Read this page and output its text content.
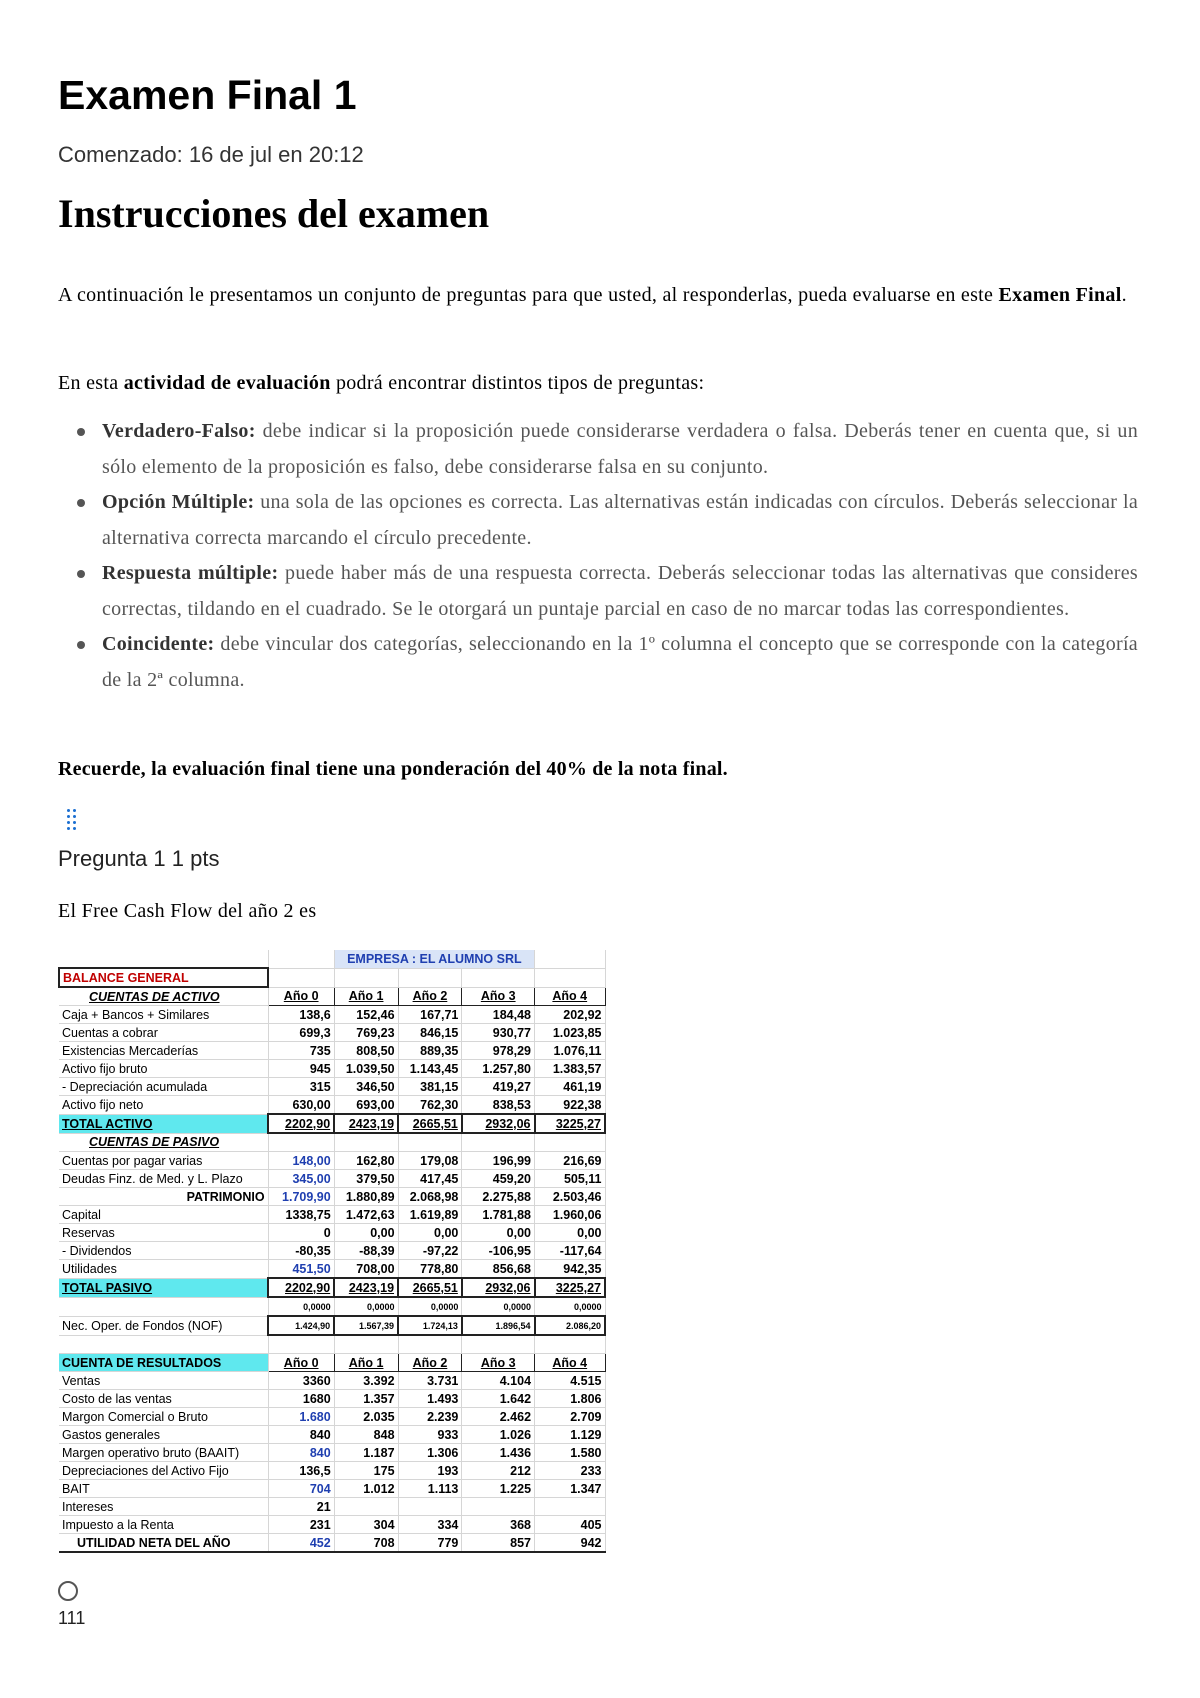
Examen Final 1
Comenzado: 16 de jul en 20:12
Instrucciones del examen
A continuación le presentamos un conjunto de preguntas para que usted, al responderlas, pueda evaluarse en este Examen Final.
En esta actividad de evaluación podrá encontrar distintos tipos de preguntas:
Verdadero-Falso: debe indicar si la proposición puede considerarse verdadera o falsa. Deberás tener en cuenta que, si un sólo elemento de la proposición es falso, debe considerarse falsa en su conjunto.
Opción Múltiple: una sola de las opciones es correcta. Las alternativas están indicadas con círculos. Deberás seleccionar la alternativa correcta marcando el círculo precedente.
Respuesta múltiple: puede haber más de una respuesta correcta. Deberás seleccionar todas las alternativas que consideres correctas, tildando en el cuadrado. Se le otorgará un puntaje parcial en caso de no marcar todas las correspondientes.
Coincidente: debe vincular dos categorías, seleccionando en la 1º columna el concepto que se corresponde con la categoría de la 2ª columna.
Recuerde, la evaluación final tiene una ponderación del 40% de la nota final.
Pregunta 1 1 pts
El Free Cash Flow del año 2 es
		EMPRESA : EL ALUMNO SRL			
BALANCE GENERAL					
CUENTAS DE ACTIVO	Año 0	Año 1	Año 2	Año 3	Año 4
Caja + Bancos + Similares	138,6	152,46	167,71	184,48	202,92
Cuentas a cobrar	699,3	769,23	846,15	930,77	1.023,85
Existencias Mercaderías	735	808,50	889,35	978,29	1.076,11
Activo fijo bruto	945	1.039,50	1.143,45	1.257,80	1.383,57
- Depreciación acumulada	315	346,50	381,15	419,27	461,19
Activo fijo neto	630,00	693,00	762,30	838,53	922,38
TOTAL ACTIVO	2202,90	2423,19	2665,51	2932,06	3225,27
CUENTAS DE PASIVO					
Cuentas por pagar varias	148,00	162,80	179,08	196,99	216,69
Deudas Finz. de Med. y L. Plazo	345,00	379,50	417,45	459,20	505,11
PATRIMONIO	1.709,90	1.880,89	2.068,98	2.275,88	2.503,46
Capital	1338,75	1.472,63	1.619,89	1.781,88	1.960,06
Reservas	0	0,00	0,00	0,00	0,00
- Dividendos	-80,35	-88,39	-97,22	-106,95	-117,64
Utilidades	451,50	708,00	778,80	856,68	942,35
TOTAL PASIVO	2202,90	2423,19	2665,51	2932,06	3225,27
	0,0000	0,0000	0,0000	0,0000	0,0000
Nec. Oper. de Fondos (NOF)	1.424,90	1.567,39	1.724,13	1.896,54	2.086,20

CUENTA DE RESULTADOS	Año 0	Año 1	Año 2	Año 3	Año 4
Ventas	3360	3.392	3.731	4.104	4.515
Costo de las ventas	1680	1.357	1.493	1.642	1.806
Margon Comercial o Bruto	1.680	2.035	2.239	2.462	2.709
Gastos generales	840	848	933	1.026	1.129
Margen operativo bruto (BAAIT)	840	1.187	1.306	1.436	1.580
Depreciaciones del Activo Fijo	136,5	175	193	212	233
BAIT	704	1.012	1.113	1.225	1.347
Intereses	21				
Impuesto a la Renta	231	304	334	368	405
UTILIDAD NETA DEL AÑO	452	708	779	857	942
111
